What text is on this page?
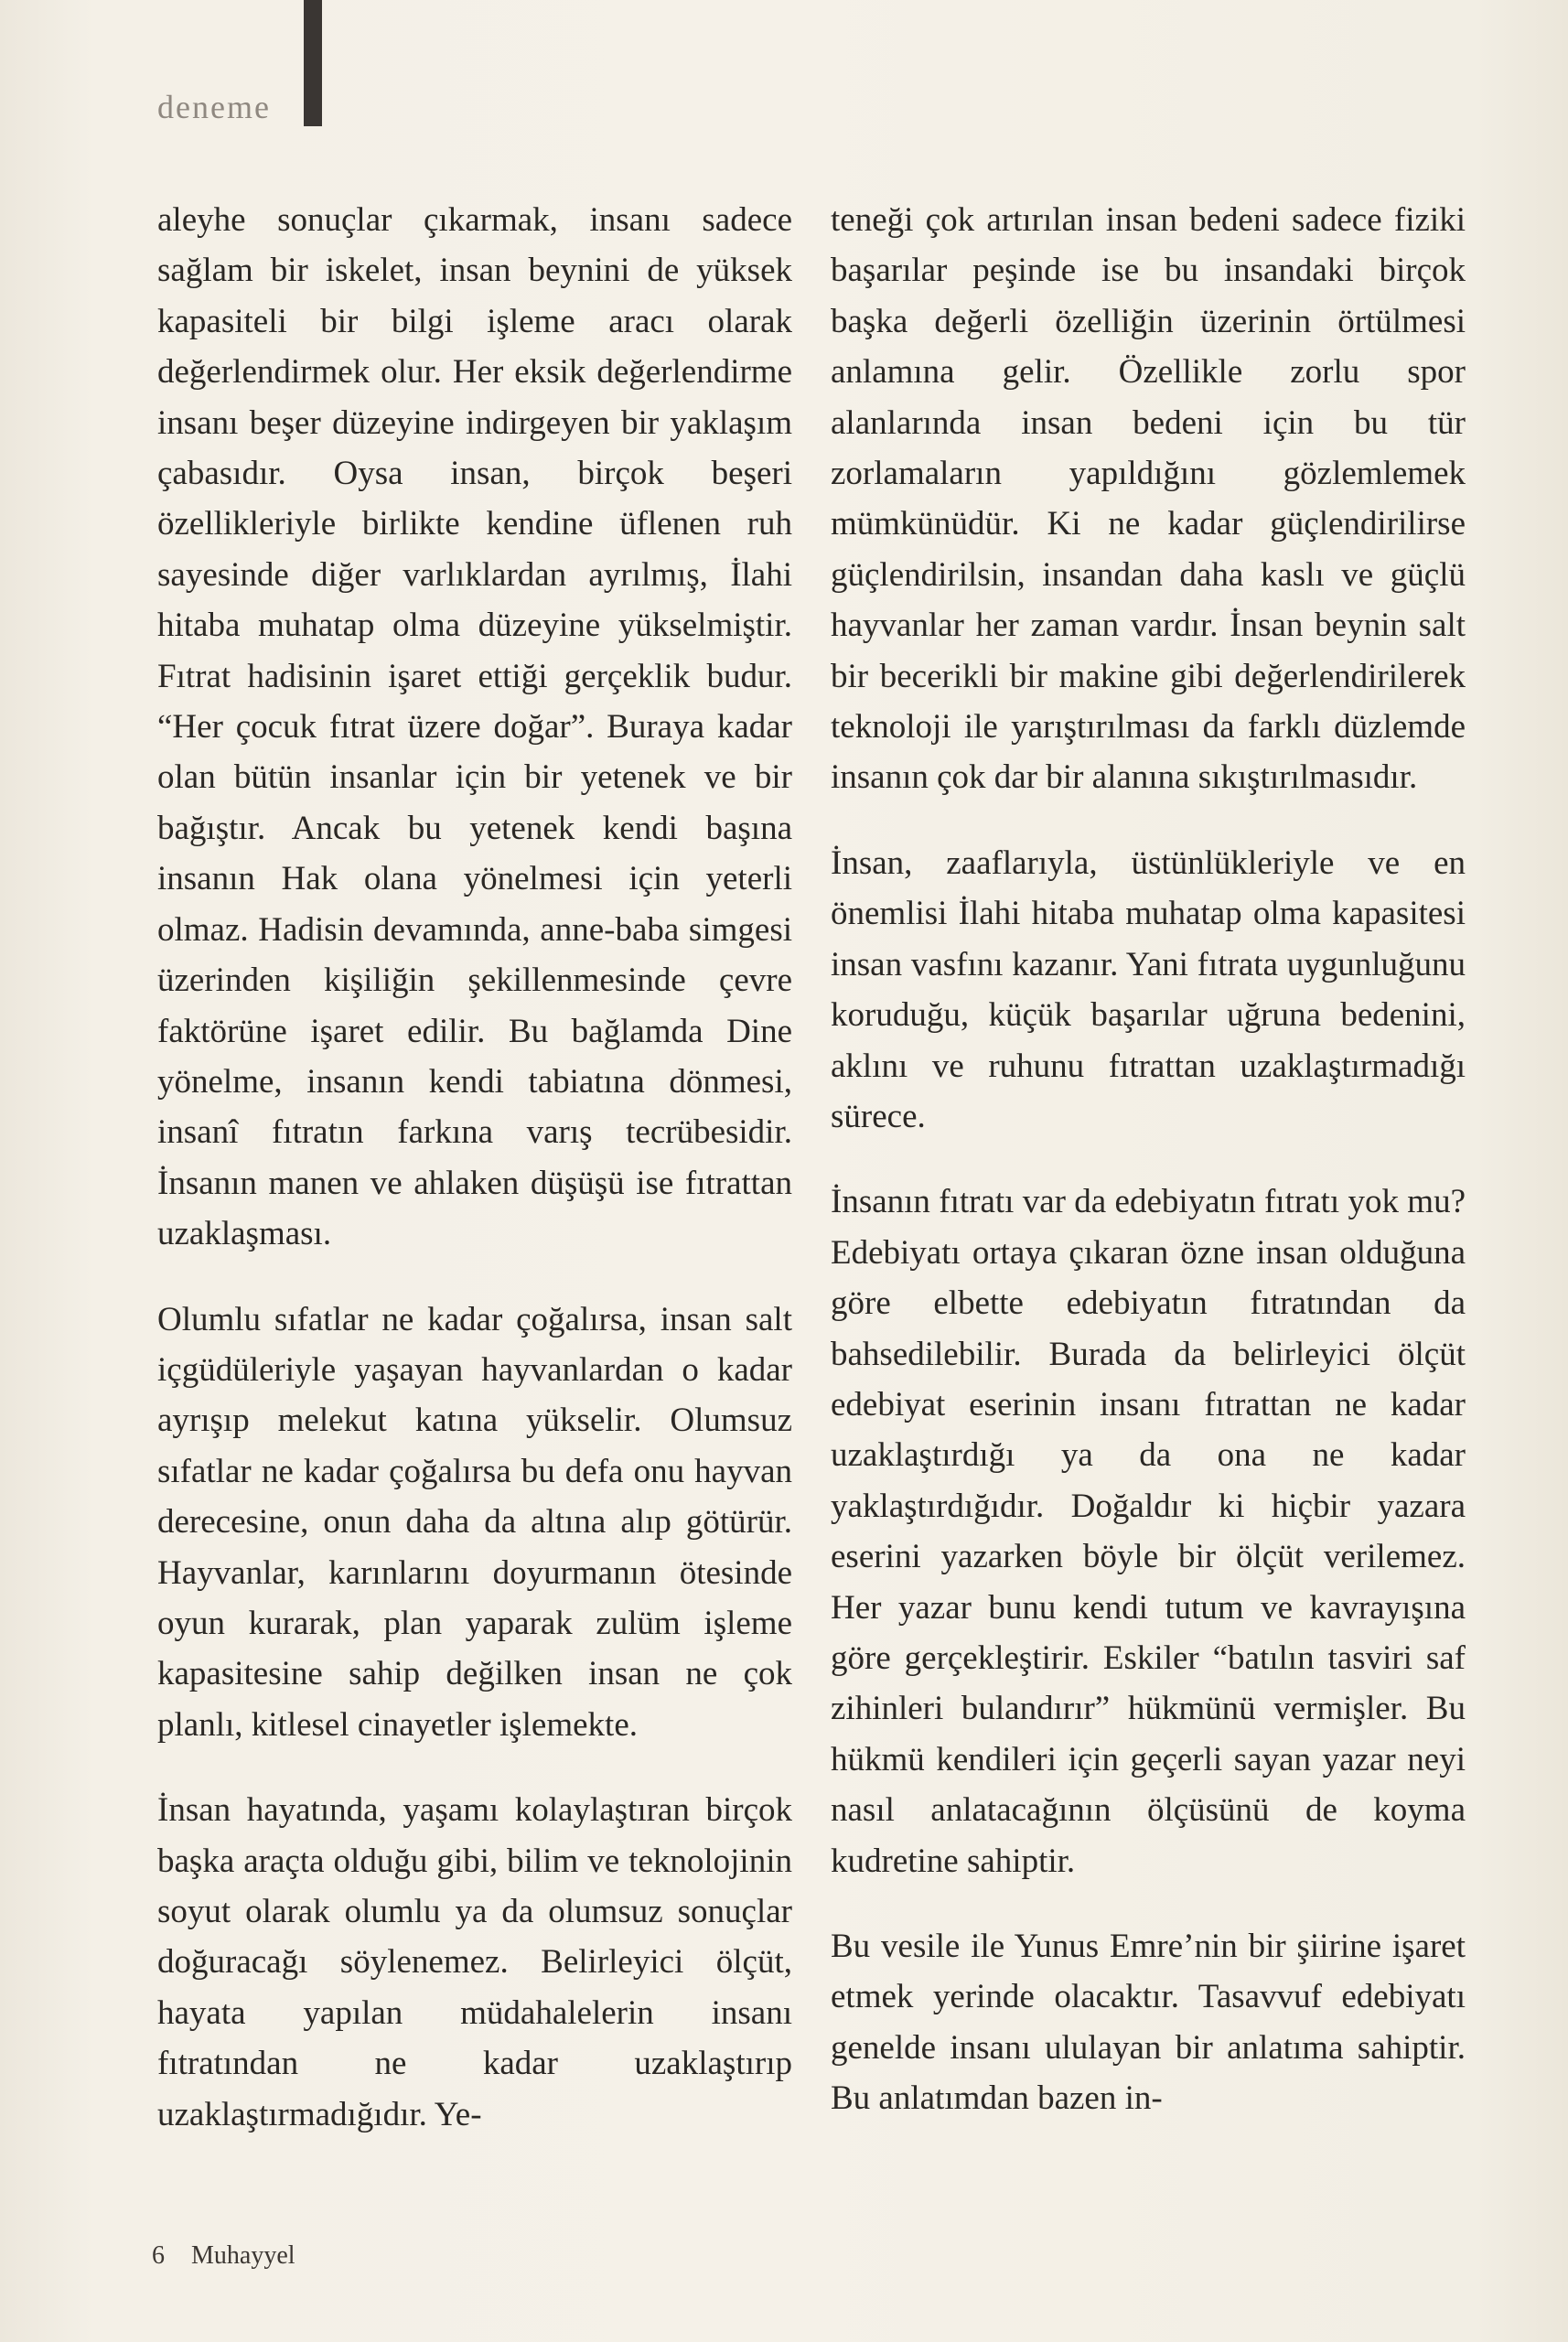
deneme

aleyhe sonuçlar çıkarmak, insanı sadece sağlam bir iskelet, insan beynini de yüksek kapasiteli bir bilgi işleme aracı olarak değerlendirmek olur. Her eksik değerlendirme insanı beşer düzeyine indirgeyen bir yaklaşım çabasıdır. Oysa insan, birçok beşeri özellikleriyle birlikte kendine üflenen ruh sayesinde diğer varlıklardan ayrılmış, İlahi hitaba muhatap olma düzeyine yükselmiştir. Fıtrat hadisinin işaret ettiği gerçeklik budur. “Her çocuk fıtrat üzere doğar”. Buraya kadar olan bütün insanlar için bir yetenek ve bir bağıştır. Ancak bu yetenek kendi başına insanın Hak olana yönelmesi için yeterli olmaz. Hadisin devamında, anne-baba simgesi üzerinden kişiliğin şekillenmesinde çevre faktörüne işaret edilir. Bu bağlamda Dine yönelme, insanın kendi tabiatına dönmesi, insanî fıtratın farkına varış tecrübesidir. İnsanın manen ve ahlaken düşüşü ise fıtrattan uzaklaşması.

Olumlu sıfatlar ne kadar çoğalırsa, insan salt içgüdüleriyle yaşayan hayvanlardan o kadar ayrışıp melekut katına yükselir. Olumsuz sıfatlar ne kadar çoğalırsa bu defa onu hayvan derecesine, onun daha da altına alıp götürür. Hayvanlar, karınlarını doyurmanın ötesinde oyun kurarak, plan yaparak zulüm işleme kapasitesine sahip değilken insan ne çok planlı, kitlesel cinayetler işlemekte.

İnsan hayatında, yaşamı kolaylaştıran birçok başka araçta olduğu gibi, bilim ve teknolojinin soyut olarak olumlu ya da olumsuz sonuçlar doğuracağı söylenemez. Belirleyici ölçüt, hayata yapılan müdahalelerin insanı fıtratından ne kadar uzaklaştırıp uzaklaştırmadığıdır. Ye-

teneği çok artırılan insan bedeni sadece fiziki başarılar peşinde ise bu insandaki birçok başka değerli özelliğin üzerinin örtülmesi anlamına gelir. Özellikle zorlu spor alanlarında insan bedeni için bu tür zorlamaların yapıldığını gözlemlemek mümkünüdür. Ki ne kadar güçlendirilirse güçlendirilsin, insandan daha kaslı ve güçlü hayvanlar her zaman vardır. İnsan beynin salt bir becerikli bir makine gibi değerlendirilerek teknoloji ile yarıştırılması da farklı düzlemde insanın çok dar bir alanına sıkıştırılmasıdır.

İnsan, zaaflarıyla, üstünlükleriyle ve en önemlisi İlahi hitaba muhatap olma kapasitesi insan vasfını kazanır. Yani fıtrata uygunluğunu koruduğu, küçük başarılar uğruna bedenini, aklını ve ruhunu fıtrattan uzaklaştırmadığı sürece.

İnsanın fıtratı var da edebiyatın fıtratı yok mu? Edebiyatı ortaya çıkaran özne insan olduğuna göre elbette edebiyatın fıtratından da bahsedilebilir. Burada da belirleyici ölçüt edebiyat eserinin insanı fıtrattan ne kadar uzaklaştırdığı ya da ona ne kadar yaklaştırdığıdır. Doğaldır ki hiçbir yazara eserini yazarken böyle bir ölçüt verilemez. Her yazar bunu kendi tutum ve kavrayışına göre gerçekleştirir. Eskiler “batılın tasviri saf zihinleri bulandırır” hükmünü vermişler. Bu hükmü kendileri için geçerli sayan yazar neyi nasıl anlatacağının ölçüsünü de koyma kudretine sahiptir.

Bu vesile ile Yunus Emre’nin bir şiirine işaret etmek yerinde olacaktır. Tasavvuf edebiyatı genelde insanı ululayan bir anlatıma sahiptir. Bu anlatımdan bazen in-

6 Muhayyel
